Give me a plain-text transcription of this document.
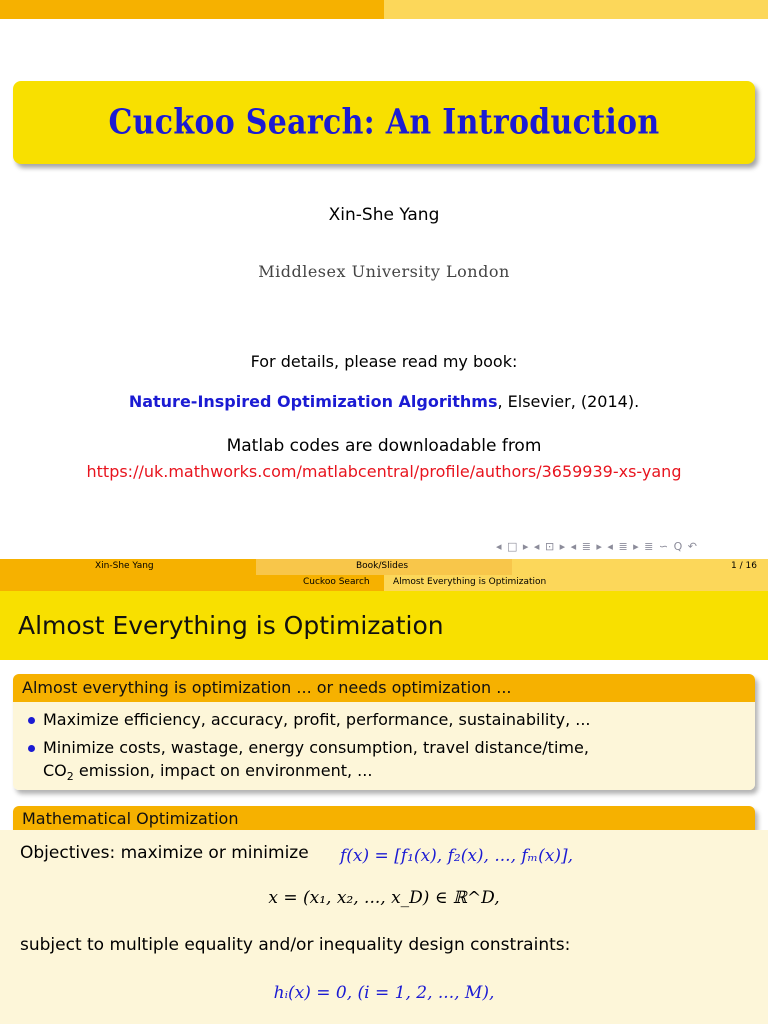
Cuckoo Search: An Introduction
Xin-She Yang
Middlesex University London
For details, please read my book:
Nature-Inspired Optimization Algorithms, Elsevier, (2014).
Matlab codes are downloadable from
https://uk.mathworks.com/matlabcentral/profile/authors/3659939-xs-yang
◂ □ ▸ ◂ ⊡ ▸ ◂ ≣ ▸ ◂ ≣ ▸ ≣ ∽ Q ↶
Xin-She Yang	Book/Slides	1 / 16
Cuckoo Search	Almost Everything is Optimization
Almost Everything is Optimization
Almost everything is optimization ... or needs optimization ...
Maximize efficiency, accuracy, profit, performance, sustainability, ...
Minimize costs, wastage, energy consumption, travel distance/time,
$CO_2$ emission, impact on environment, ...
Mathematical Optimization
Objectives: maximize or minimize f(x) = [f₁(x), f₂(x), ..., fₘ(x)],
x = (x₁, x₂, ..., x_D) ∈ ℝ^D,
subject to multiple equality and/or inequality design constraints:
hᵢ(x) = 0, (i = 1, 2, ..., M),
